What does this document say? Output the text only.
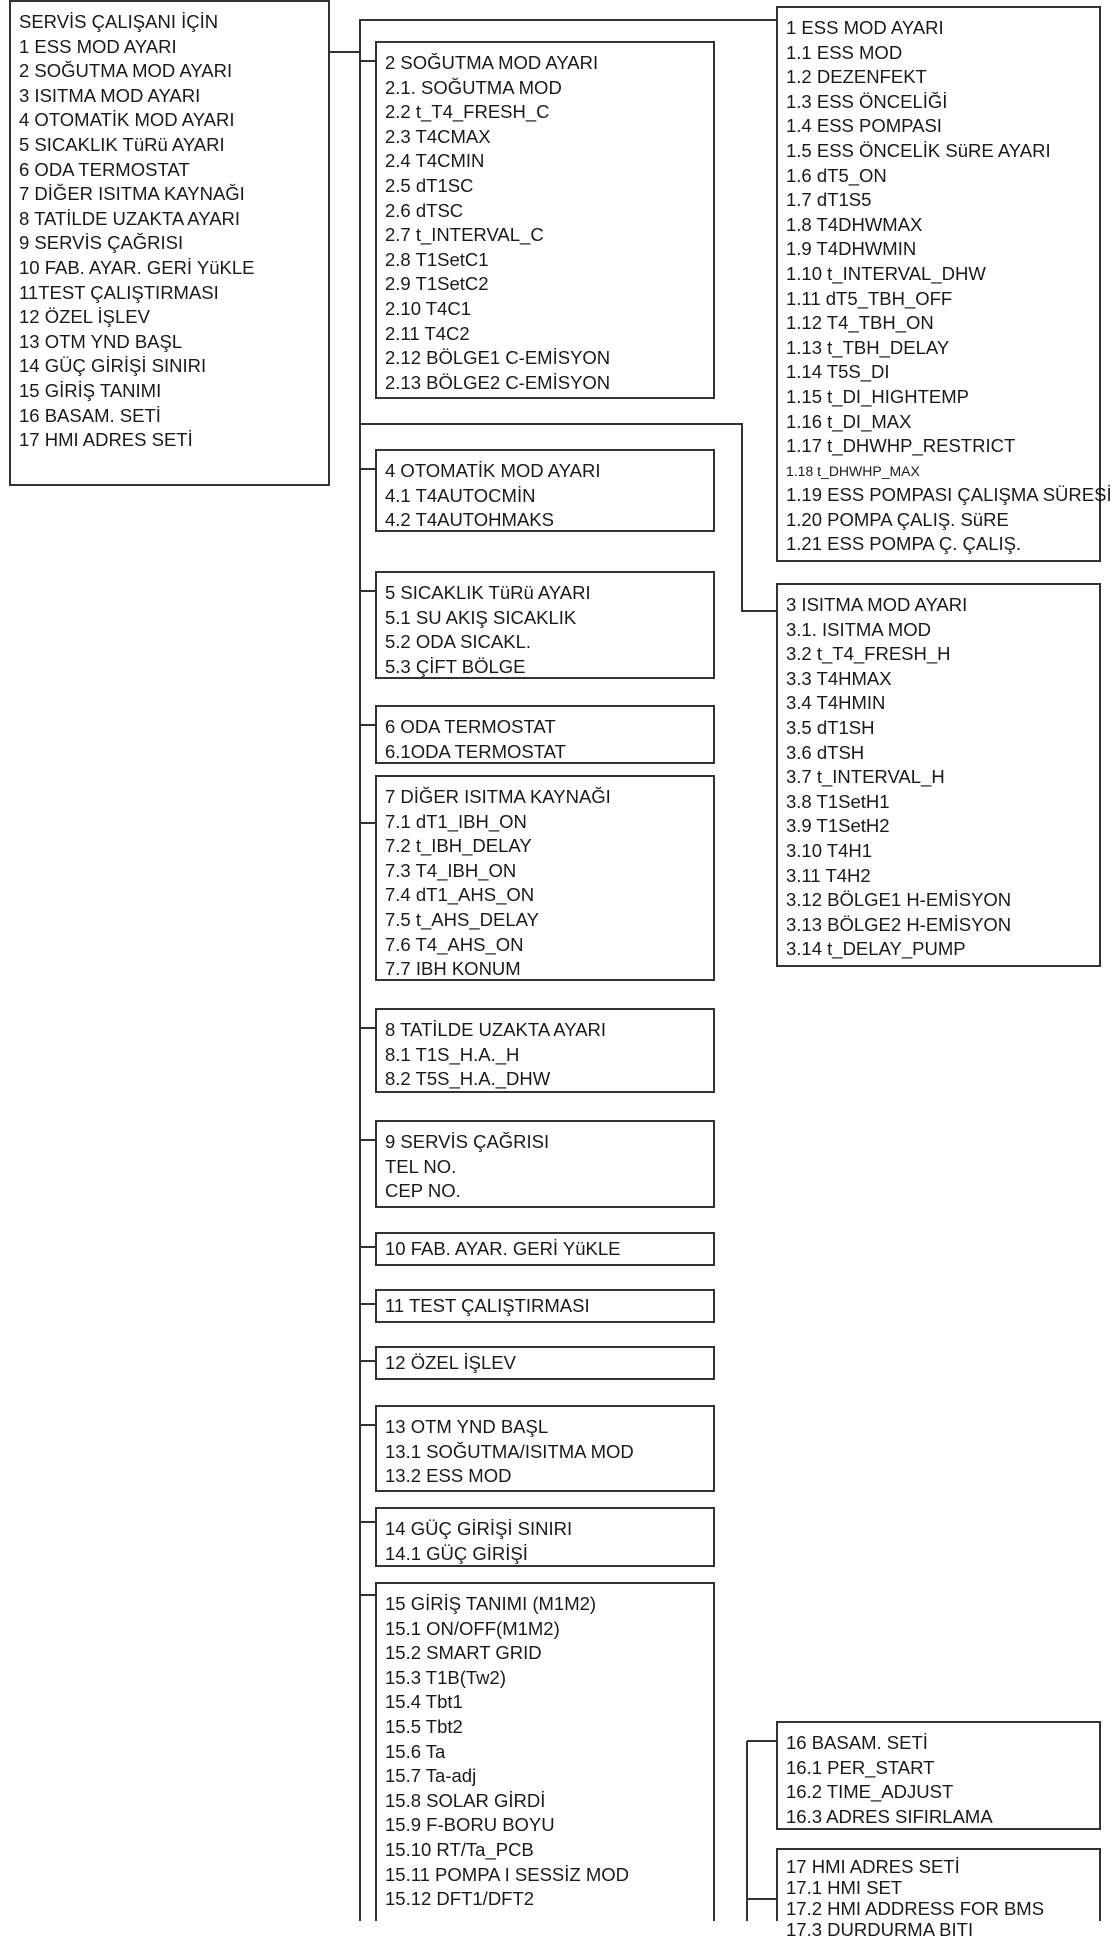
SERVİS ÇALIŞANI İÇİN
1 ESS MOD AYARI
2 SOĞUTMA MOD AYARI
3 ISITMA MOD AYARI
4 OTOMATİK MOD AYARI
5 SICAKLIK TüRü AYARI
6 ODA TERMOSTAT
7 DİĞER ISITMA KAYNAĞI
8 TATİLDE UZAKTA AYARI
9 SERVİS ÇAĞRISI
10 FAB. AYAR. GERİ YüKLE
11TEST ÇALIŞTIRMASI
12 ÖZEL İŞLEV
13 OTM YND BAŞL
14 GÜÇ GİRİŞİ SINIRI
15 GİRİŞ TANIMI
16 BASAM. SETİ
17 HMI ADRES SETİ
1 ESS MOD AYARI
1.1 ESS MOD
1.2 DEZENFEKT
1.3 ESS ÖNCELİĞİ
1.4 ESS POMPASI
1.5 ESS ÖNCELİK SüRE AYARI
1.6 dT5_ON
1.7 dT1S5
1.8 T4DHWMAX
1.9 T4DHWMIN
1.10 t_INTERVAL_DHW
1.11 dT5_TBH_OFF
1.12 T4_TBH_ON
1.13 t_TBH_DELAY
1.14 T5S_DI
1.15 t_DI_HIGHTEMP
1.16 t_DI_MAX
1.17 t_DHWHP_RESTRICT
1.18 t_DHWHP_MAX
1.19 ESS POMPASI ÇALIŞMA SÜRESİ
1.20 POMPA ÇALIŞ. SüRE
1.21 ESS POMPA Ç. ÇALIŞ.
2 SOĞUTMA MOD AYARI
2.1. SOĞUTMA MOD
2.2 t_T4_FRESH_C
2.3 T4CMAX
2.4 T4CMIN
2.5 dT1SC
2.6 dTSC
2.7 t_INTERVAL_C
2.8 T1SetC1
2.9 T1SetC2
2.10 T4C1
2.11 T4C2
2.12 BÖLGE1 C-EMİSYON
2.13 BÖLGE2 C-EMİSYON
3 ISITMA MOD AYARI
3.1. ISITMA MOD
3.2 t_T4_FRESH_H
3.3 T4HMAX
3.4 T4HMIN
3.5 dT1SH
3.6 dTSH
3.7 t_INTERVAL_H
3.8 T1SetH1
3.9 T1SetH2
3.10 T4H1
3.11 T4H2
3.12 BÖLGE1 H-EMİSYON
3.13 BÖLGE2 H-EMİSYON
3.14 t_DELAY_PUMP
4 OTOMATİK MOD AYARI
4.1 T4AUTOCMİN
4.2 T4AUTOHMAKS
5 SICAKLIK TüRü AYARI
5.1 SU AKIŞ SICAKLIK
5.2 ODA SICAKL.
5.3 ÇİFT BÖLGE
6 ODA TERMOSTAT
6.1ODA TERMOSTAT
7 DİĞER ISITMA KAYNAĞI
7.1 dT1_IBH_ON
7.2 t_IBH_DELAY
7.3 T4_IBH_ON
7.4 dT1_AHS_ON
7.5 t_AHS_DELAY
7.6 T4_AHS_ON
7.7 IBH KONUM
8 TATİLDE UZAKTA AYARI
8.1 T1S_H.A._H
8.2 T5S_H.A._DHW
9 SERVİS ÇAĞRISI
TEL NO.
CEP NO.
10 FAB. AYAR. GERİ YüKLE
11 TEST ÇALIŞTIRMASI
12 ÖZEL İŞLEV
13 OTM YND BAŞL
13.1 SOĞUTMA/ISITMA MOD
13.2 ESS MOD
14 GÜÇ GİRİŞİ SINIRI
14.1 GÜÇ GİRİŞİ
15 GİRİŞ TANIMI (M1M2)
15.1 ON/OFF(M1M2)
15.2 SMART GRID
15.3 T1B(Tw2)
15.4 Tbt1
15.5 Tbt2
15.6 Ta
15.7 Ta-adj
15.8 SOLAR GİRDİ
15.9 F-BORU BOYU
15.10 RT/Ta_PCB
15.11 POMPA I SESSİZ MOD
15.12 DFT1/DFT2
16 BASAM. SETİ
16.1 PER_START
16.2 TIME_ADJUST
16.3 ADRES SIFIRLAMA
17 HMI ADRES SETİ
17.1 HMI SET
17.2 HMI ADDRESS FOR BMS
17.3 DURDURMA BITI
